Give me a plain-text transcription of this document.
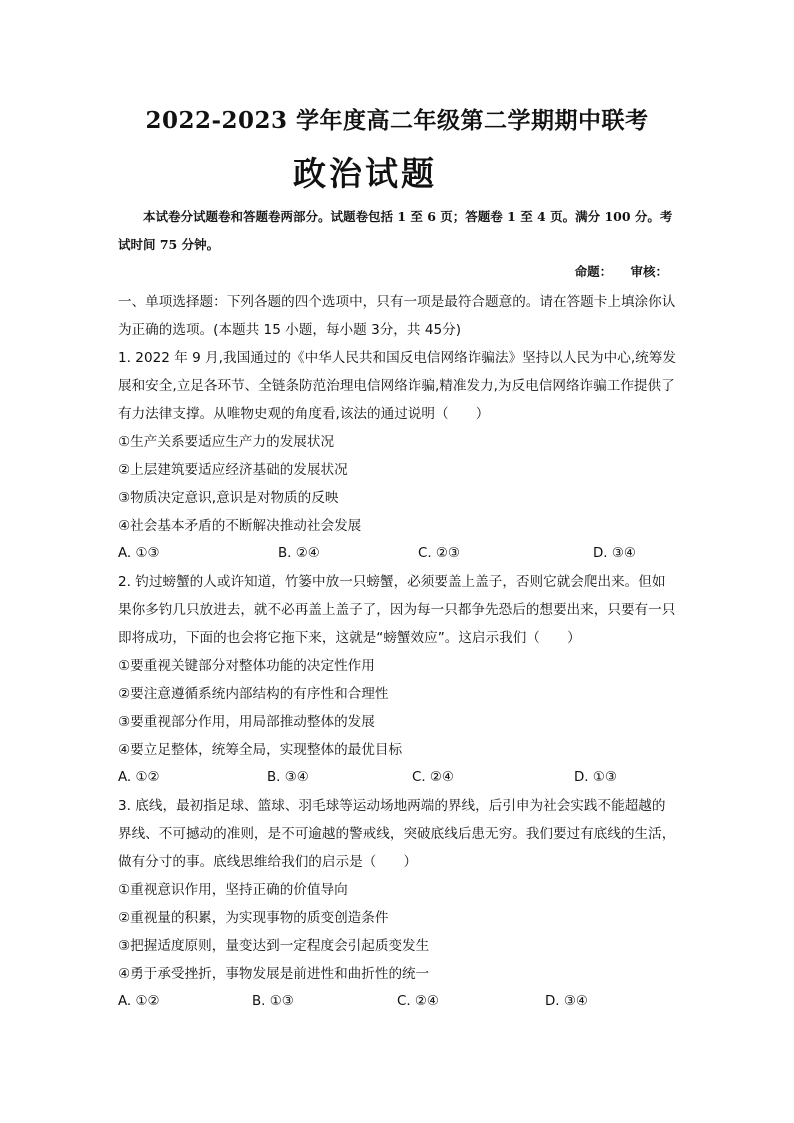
2022-2023 学年度高二年级第二学期期中联考
政治试题
本试卷分试题卷和答题卷两部分。试题卷包括 1 至 6 页；答题卷 1 至 4 页。满分 100 分。考试时间 75 分钟。
命题： 审核：

一、单项选择题：下列各题的四个选项中，只有一项是最符合题意的。请在答题卡上填涂你认为正确的选项。(本题共 15 小题，每小题 3分，共 45分)

1. 2022 年 9 月,我国通过的《中华人民共和国反电信网络诈骗法》坚持以人民为中心,统筹发展和安全,立足各环节、全链条防范治理电信网络诈骗,精准发力,为反电信网络诈骗工作提供了有力法律支撑。从唯物史观的角度看,该法的通过说明（　　）

①生产关系要适应生产力的发展状况

②上层建筑要适应经济基础的发展状况

③物质决定意识,意识是对物质的反映

④社会基本矛盾的不断解决推动社会发展

A. ①③	B. ②④	C. ②③	D. ③④

2. 钓过螃蟹的人或许知道，竹篓中放一只螃蟹，必须要盖上盖子，否则它就会爬出来。但如果你多钓几只放进去，就不必再盖上盖子了，因为每一只都争先恐后的想要出来，只要有一只即将成功，下面的也会将它拖下来，这就是“螃蟹效应”。这启示我们（　　）

①要重视关键部分对整体功能的决定性作用

②要注意遵循系统内部结构的有序性和合理性

③要重视部分作用，用局部推动整体的发展

④要立足整体，统筹全局，实现整体的最优目标

A. ①②	B. ③④	C. ②④	D. ①③

3. 底线，最初指足球、篮球、羽毛球等运动场地两端的界线，后引申为社会实践不能超越的界线、不可撼动的准则，是不可逾越的警戒线，突破底线后患无穷。我们要过有底线的生活，做有分寸的事。底线思维给我们的启示是（　　）

①重视意识作用，坚持正确的价值导向

②重视量的积累，为实现事物的质变创造条件

③把握适度原则，量变达到一定程度会引起质变发生

④勇于承受挫折，事物发展是前进性和曲折性的统一

A. ①②	B. ①③	C. ②④	D. ③④
